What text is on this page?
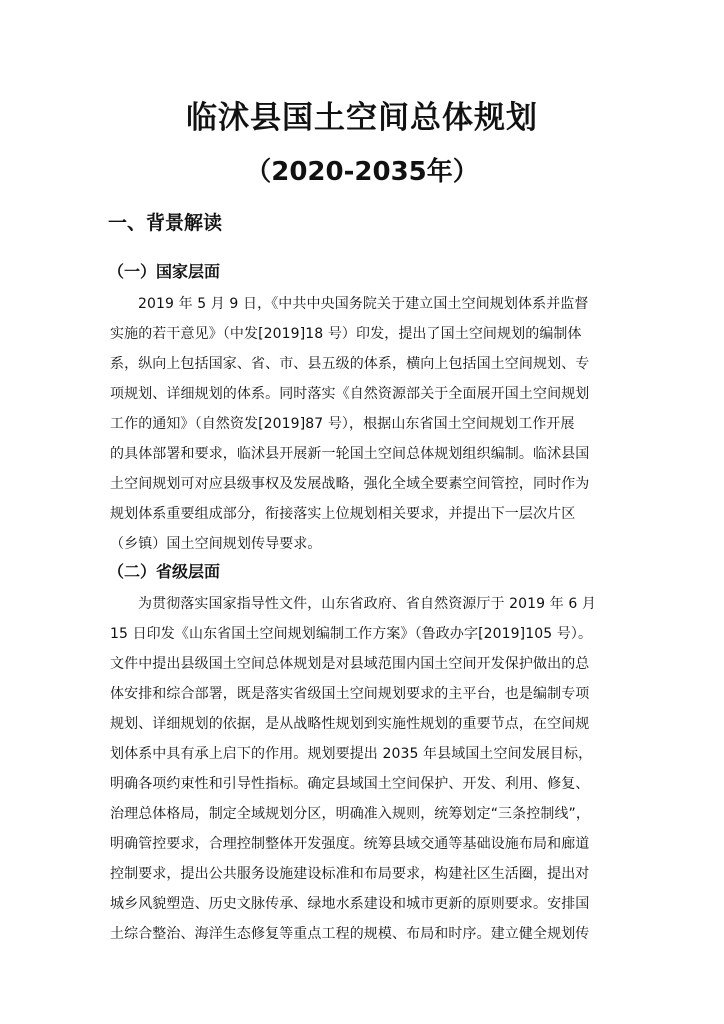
临沭县国土空间总体规划
（2020-2035年）
一、背景解读
（一）国家层面
2019 年 5 月 9 日，《中共中央国务院关于建立国土空间规划体系并监督
实施的若干意见》（中发[2019]18 号）印发，提出了国土空间规划的编制体
系，纵向上包括国家、省、市、县五级的体系，横向上包括国土空间规划、专
项规划、详细规划的体系。同时落实《自然资源部关于全面展开国土空间规划
工作的通知》（自然资发[2019]87 号），根据山东省国土空间规划工作开展
的具体部署和要求，临沭县开展新一轮国土空间总体规划组织编制。临沭县国
土空间规划可对应县级事权及发展战略，强化全域全要素空间管控，同时作为
规划体系重要组成部分，衔接落实上位规划相关要求，并提出下一层次片区
（乡镇）国土空间规划传导要求。
（二）省级层面
为贯彻落实国家指导性文件，山东省政府、省自然资源厅于 2019 年 6 月
15 日印发《山东省国土空间规划编制工作方案》（鲁政办字[2019]105 号）。
文件中提出县级国土空间总体规划是对县域范围内国土空间开发保护做出的总
体安排和综合部署，既是落实省级国土空间规划要求的主平台，也是编制专项
规划、详细规划的依据，是从战略性规划到实施性规划的重要节点，在空间规
划体系中具有承上启下的作用。规划要提出 2035 年县域国土空间发展目标，
明确各项约束性和引导性指标。确定县域国土空间保护、开发、利用、修复、
治理总体格局，制定全域规划分区，明确准入规则，统筹划定“三条控制线”，
明确管控要求，合理控制整体开发强度。统筹县域交通等基础设施布局和廊道
控制要求，提出公共服务设施建设标准和布局要求，构建社区生活圈，提出对
城乡风貌塑造、历史文脉传承、绿地水系建设和城市更新的原则要求。安排国
土综合整治、海洋生态修复等重点工程的规模、布局和时序。建立健全规划传
